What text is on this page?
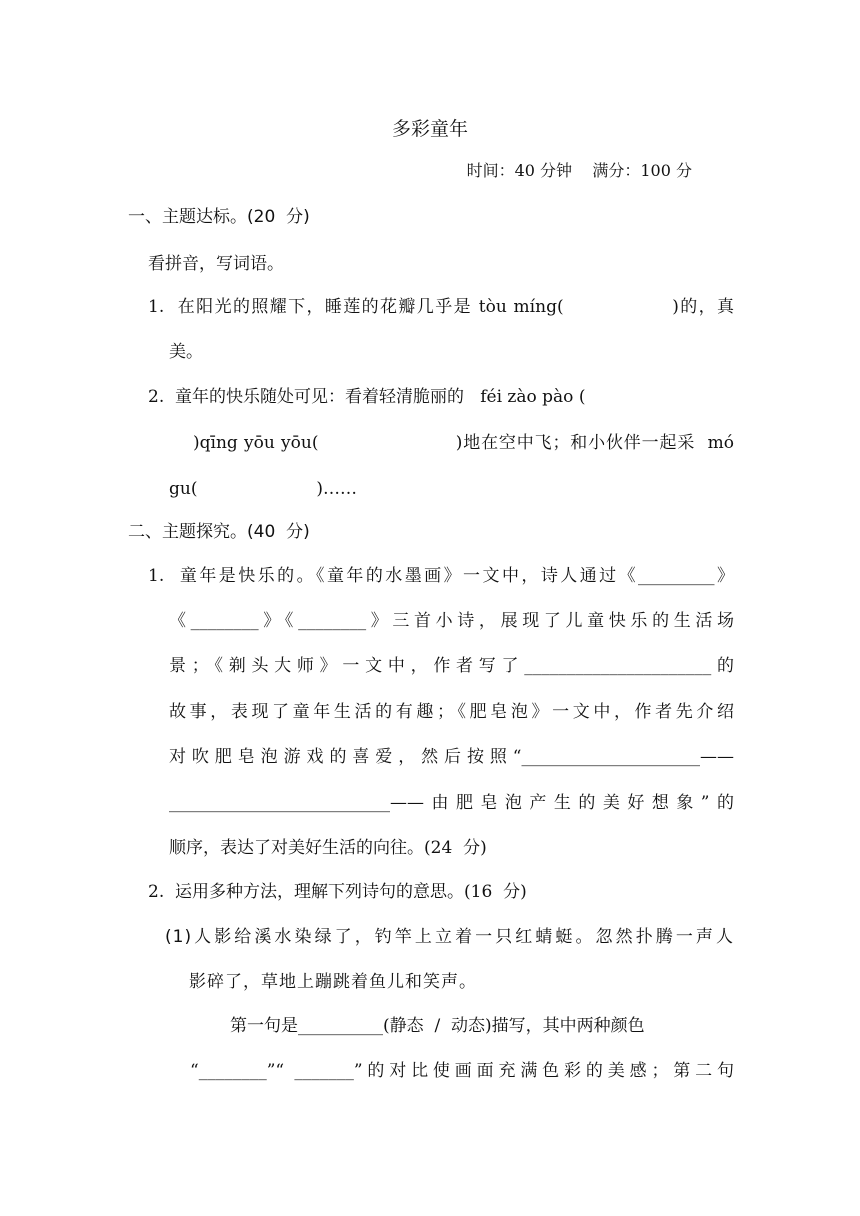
多彩童年
时间：40 分钟    满分：100 分
一、主题达标。(20  分)
看拼音，写词语。
1.  在阳光的照耀下，睡莲的花瓣几乎是 tòu míng(                )的，真
美。
2.  童年的快乐随处可见：看着轻清脆丽的   féi zào pào (
)qīng yōu yōu(                      )地在空中飞；和小伙伴一起采  mó
gu(                      )……
二、主题探究。(40  分)
1.  童年是快乐的。《童年的水墨画》一文中，诗人通过《_________》
《________》《________》三首小诗，展现了儿童快乐的生活场
景；《剃头大师》一文中，作者写了______________________的
故事，表现了童年生活的有趣；《肥皂泡》一文中，作者先介绍
对吹肥皂泡游戏的喜爱，然后按照“_____________________——
__________________________——由肥皂泡产生的美好想象”的
顺序，表达了对美好生活的向往。(24  分)
2.  运用多种方法，理解下列诗句的意思。(16  分)
(1)人影给溪水染绿了，钓竿上立着一只红蜻蜓。忽然扑腾一声人
影碎了，草地上蹦跳着鱼儿和笑声。
第一句是__________(静态  /  动态)描写，其中两种颜色
“________”“ _______”的对比使画面充满色彩的美感；第二句
